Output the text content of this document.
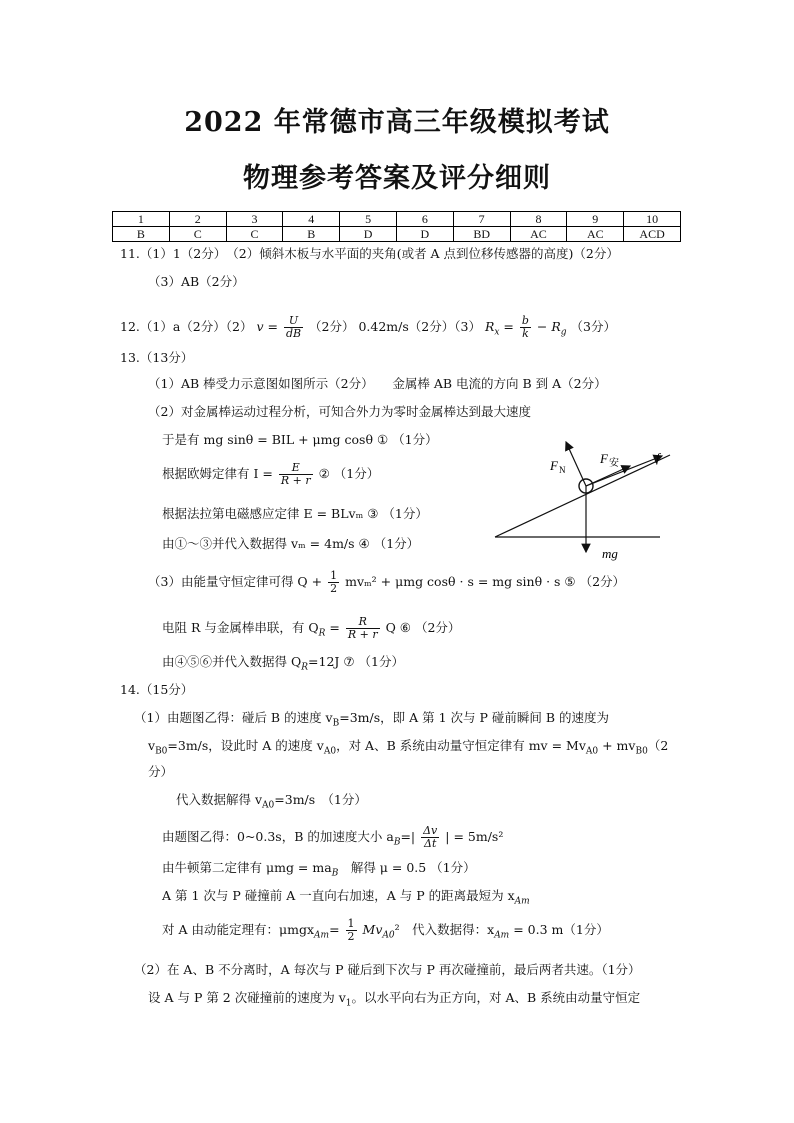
2022 年常德市高三年级模拟考试
物理参考答案及评分细则
1	2	3	4	5	6	7	8	9	10
B	C	C	B	D	D	BD	AC	AC	ACD
11.（1）1（2分）　（2）倾斜木板与水平面的夹角(或者 A 点到位移传感器的高度)（2分）
（3）AB（2分）
12.（1）a（2分）（2） $v = \frac{U}{dB} (2$分） 0.42m/s（2分）（3） $R_x = \frac{b}{k} - R_g$ （3分）
13.（13分）
（1）AB 棒受力示意图如图所示（2分）　　金属棒 AB 电流的方向 B 到 A（2分）
（2）对金属棒运动过程分析，可知合外力为零时金属棒达到最大速度
于是有 mg sinθ = BIL + μmg cosθ ① （1分）
根据欧姆定律有 $I = \frac{E}{R + r}$ ② （1分）
根据法拉第电磁感应定律 E = BLvₘ ③ （1分）
由①～③并代入数据得 vₘ = 4m/s ④ （1分）
（3）由能量守恒定律可得 $Q + \frac{1}{2} mv_m^2 + \mu mg$ cosθ · s = mg sinθ · s ⑤ （2分）
电阻 R 与金属棒串联，有 $Q_R = \frac{R}{R + r}$ Q ⑥ （2分）
由④⑤⑥并代入数据得 $Q_R=12J$ ⑦ （1分）
F N
F 安	f
mg
14.（15分）
（1）由题图乙得：碰后 B 的速度 $v_B=3m/s$，即 A 第 1 次与 P 碰前瞬间 B 的速度为
$v_{B0}=3m/s$，设此时 A 的速度 $v_{A0}$，对 A、B 系统由动量守恒定律有 mv = $Mv_{A0} + mv_{B0}(2$
分）
代入数据解得 $v_{A0}=3m/s$　（1分）
由题图乙得：0~0.3s，B 的加速度大小 $a_B=| \frac{\Delta v}{\Delta t}$ | = 5m/s²
由牛顿第二定律有 $\mu mg = ma_B$　解得 μ = 0.5 （1分）
A 第 1 次与 P 碰撞前 A 一直向右加速，A 与 P 的距离最短为 $x_{Am}$
对 A 由动能定理有：$\mu mgx_{Am}= \frac{1}{2} Mv_{A0}^2$　代入数据得：$x_{Am} = 0.3$ m（1分）
（2）在 A、B 不分离时，A 每次与 P 碰后到下次与 P 再次碰撞前，最后两者共速。（1分）
设 A 与 P 第 2 次碰撞前的速度为 $v_1$。以水平向右为正方向，对 A、B 系统由动量守恒定
